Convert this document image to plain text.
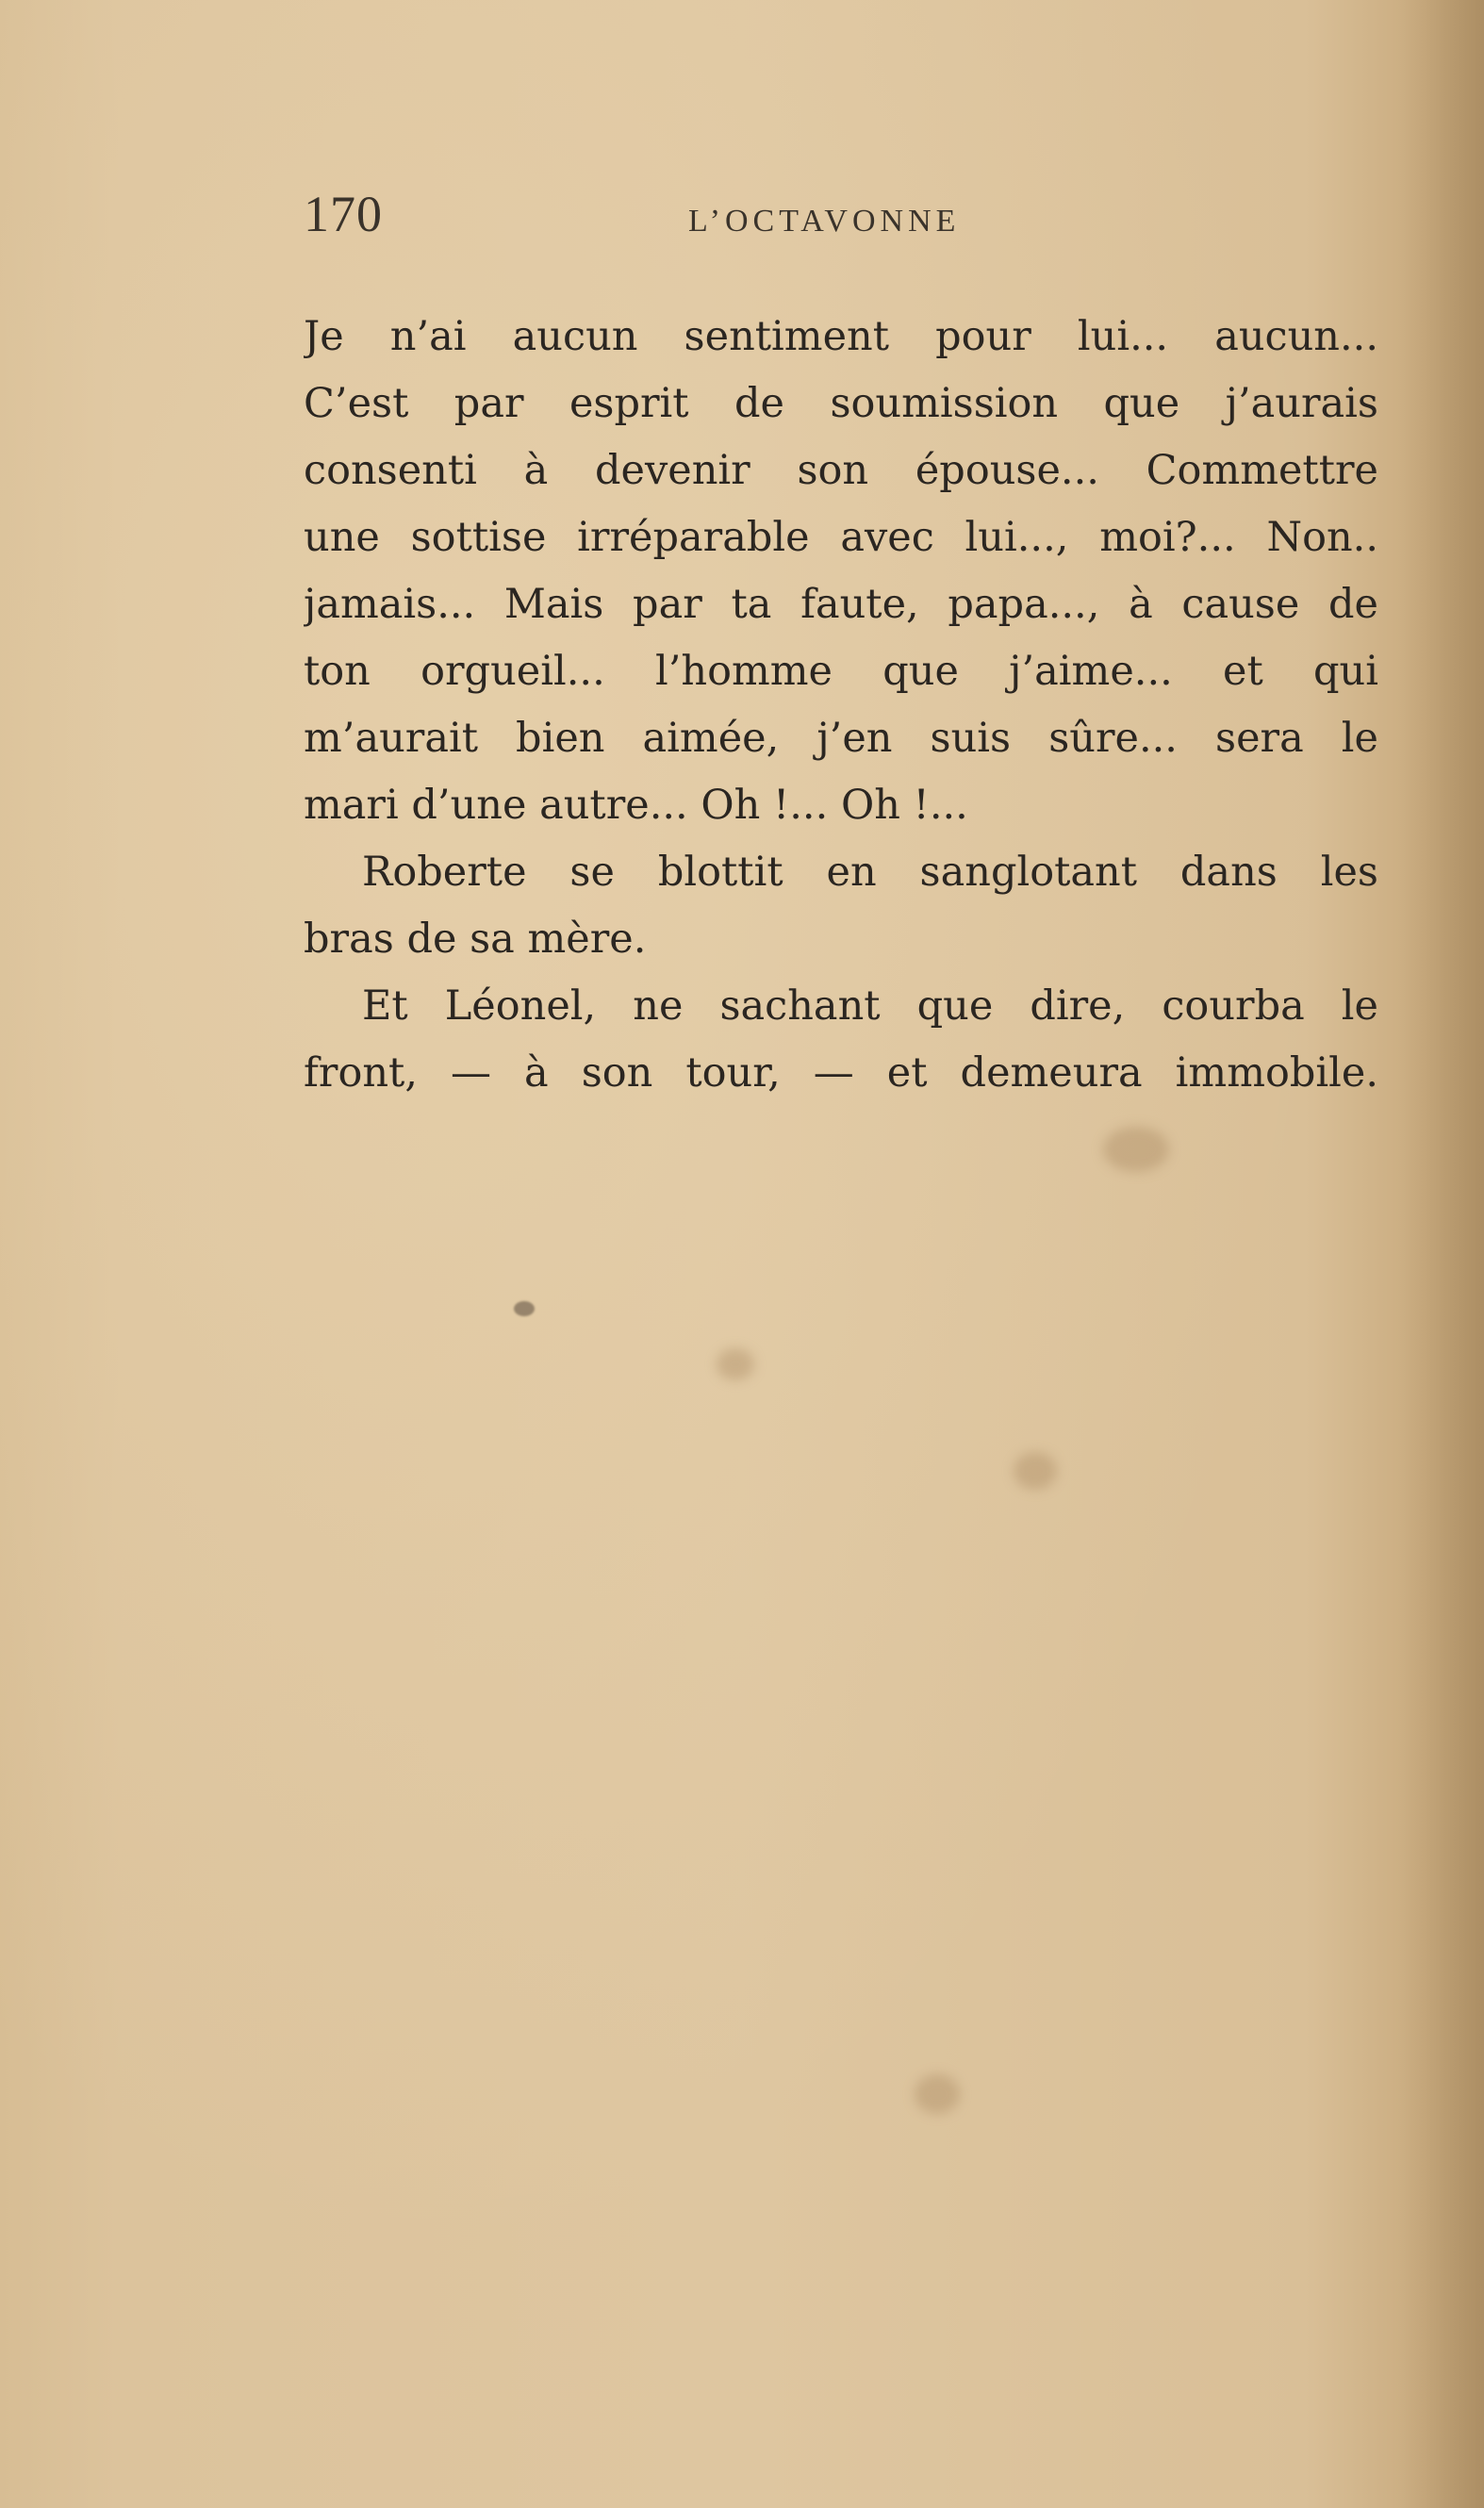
170	L’OCTAVONNE
Je n’ai aucun sentiment pour lui... aucun...
C’est par esprit de soumission que j’aurais
consenti à devenir son épouse... Commettre
une sottise irréparable avec lui..., moi?... Non..
jamais... Mais par ta faute, papa..., à cause de
ton orgueil... l’homme que j’aime... et qui
m’aurait bien aimée, j’en suis sûre... sera le
mari d’une autre... Oh !... Oh !...
Roberte se blottit en sanglotant dans les
bras de sa mère.
Et Léonel, ne sachant que dire, courba le
front, — à son tour, — et demeura immobile.
